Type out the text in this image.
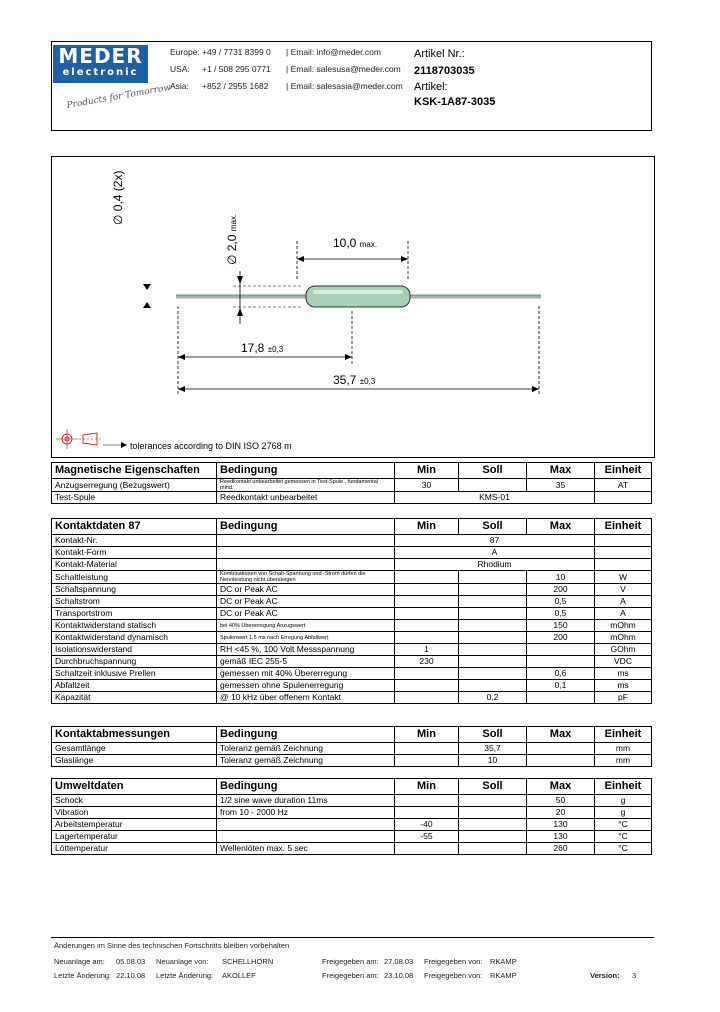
MEDER
electronic
Products for Tomorrow
Europe: +49 / 7731 8399 0 | Email: info@meder.com
USA: +1 / 508 295 0771 | Email: salesusa@meder.com
Asia: +852 / 2955 1682 | Email: salesasia@meder.com
Artikel Nr.:
2118703035
Artikel:
KSK-1A87-3035
∅ 0,4 (2x)
∅ 2,0 max.
10,0 max.
17,8 ±0,3
35,7 ±0,3
tolerances according to DIN ISO 2768 m
Magnetische Eigenschaften	Bedingung	Min	Soll	Max	Einheit
Anzugserregung (Bezugswert)	Reedkontakt unbearbeitet gemessen in Test-Spule , fundamental mind.	30		35	AT
Test-Spule	Reedkontakt unbearbeitet	KMS-01			
Kontaktdaten 87	Bedingung	Min	Soll	Max	Einheit
Kontakt-Nr.		87			
Kontakt-Form		A			
Kontakt-Material		Rhodium			
Schaltleistung	Kombinationen von Schalt-Spannung und -Strom dürfen die Nennleistung nicht übersteigen			10	W
Schaltspannung	DC or Peak AC			200	V
Schaltstrom	DC or Peak AC			0,5	A
Transportstrom	DC or Peak AC			0,5	A
Kontaktwiderstand statisch	bei 40% Übererregung Anzugswert			150	mOhm
Kontaktwiderstand dynamisch	Spulenwert 1,5 ms nach Erregung Abfallwert			200	mOhm
Isolationswiderstand	RH <45 %, 100 Volt Messspannung	1			GOhm
Durchbruchspannung	gemäß IEC 255-5	230			VDC
Schaltzeit inklusive Prellen	gemessen mit 40% Übererregung			0,6	ms
Abfallzeit	gemessen ohne Spulenerregung			0,1	ms
Kapazität	@ 10 kHz über offenem Kontakt		0,2		pF
Kontaktabmessungen	Bedingung	Min	Soll	Max	Einheit
Gesamtlänge	Toleranz gemäß Zeichnung		35,7		mm
Glaslänge	Toleranz gemäß Zeichnung		10		mm
Umweltdaten	Bedingung	Min	Soll	Max	Einheit
Schock	1/2 sine wave duration 11ms			50	g
Vibration	from 10 - 2000 Hz			20	g
Arbeitstemperatur		-40		130	°C
Lagertemperatur		-55		130	°C
Löttemperatur	Wellenlöten max. 5 sec			260	°C
Änderungen im Sinne des technischen Fortschritts bleiben vorbehalten
Neuanlage am: 05.08.03 Neuanlage von: SCHELLHORN	Freigegeben am: 27.08.03 Freigegeben von: RKAMP
Letzte Änderung: 22.10.08 Letzte Änderung: AKOLLEF	Freigegeben am: 23.10.08 Freigegeben von: RKAMP	Version: 3
